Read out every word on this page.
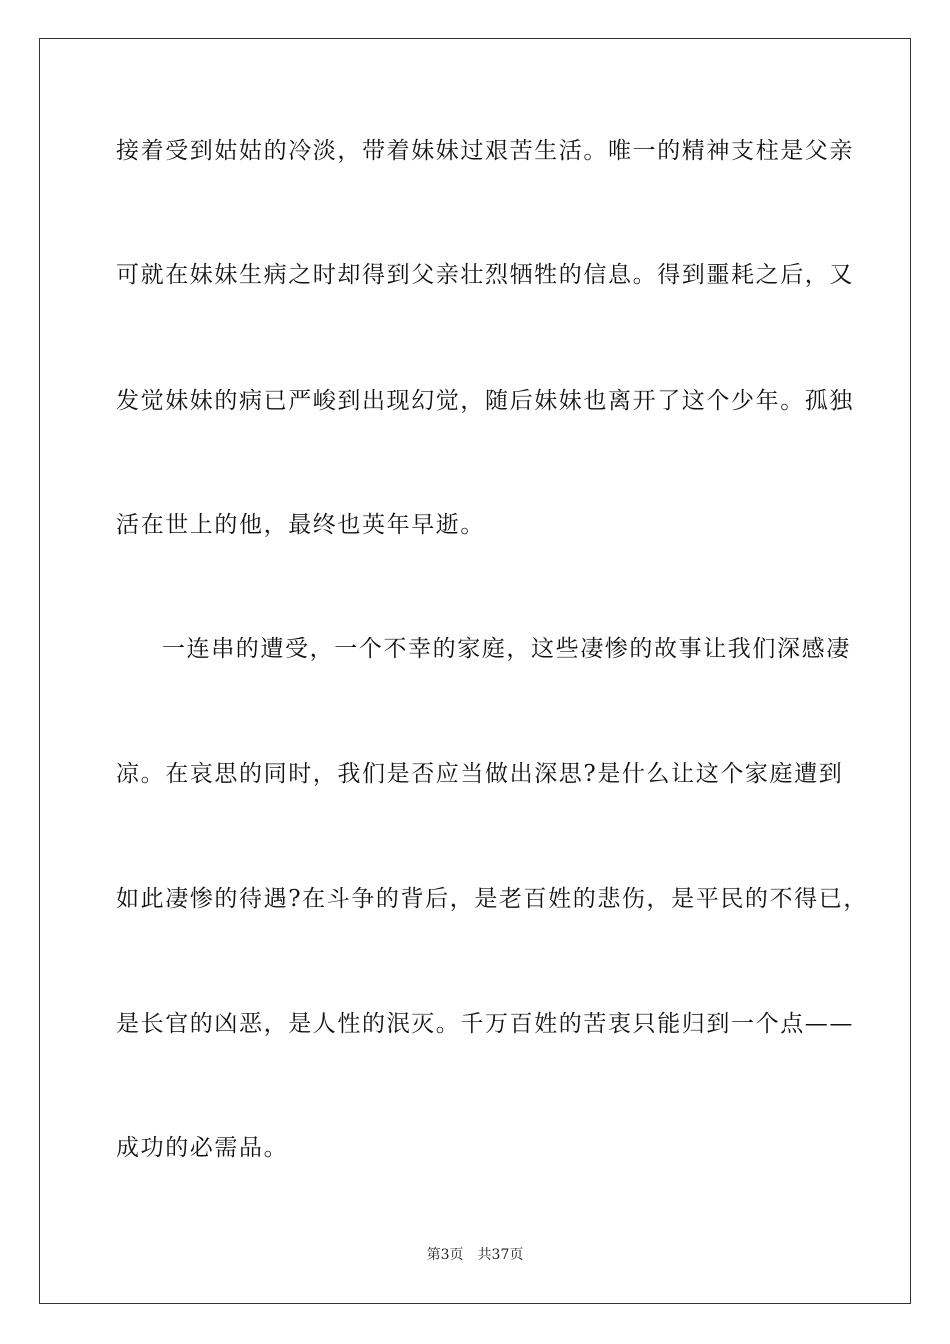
接着受到姑姑的冷淡，带着妹妹过艰苦生活。唯一的精神支柱是父亲
可就在妹妹生病之时却得到父亲壮烈牺牲的信息。得到噩耗之后，又
发觉妹妹的病已严峻到出现幻觉，随后妹妹也离开了这个少年。孤独
活在世上的他，最终也英年早逝。
一连串的遭受，一个不幸的家庭，这些凄惨的故事让我们深感凄
凉。在哀思的同时，我们是否应当做出深思?是什么让这个家庭遭到
如此凄惨的待遇?在斗争的背后，是老百姓的悲伤，是平民的不得已，
是长官的凶恶，是人性的泯灭。千万百姓的苦衷只能归到一个点——
成功的必需品。
第3页 共37页
